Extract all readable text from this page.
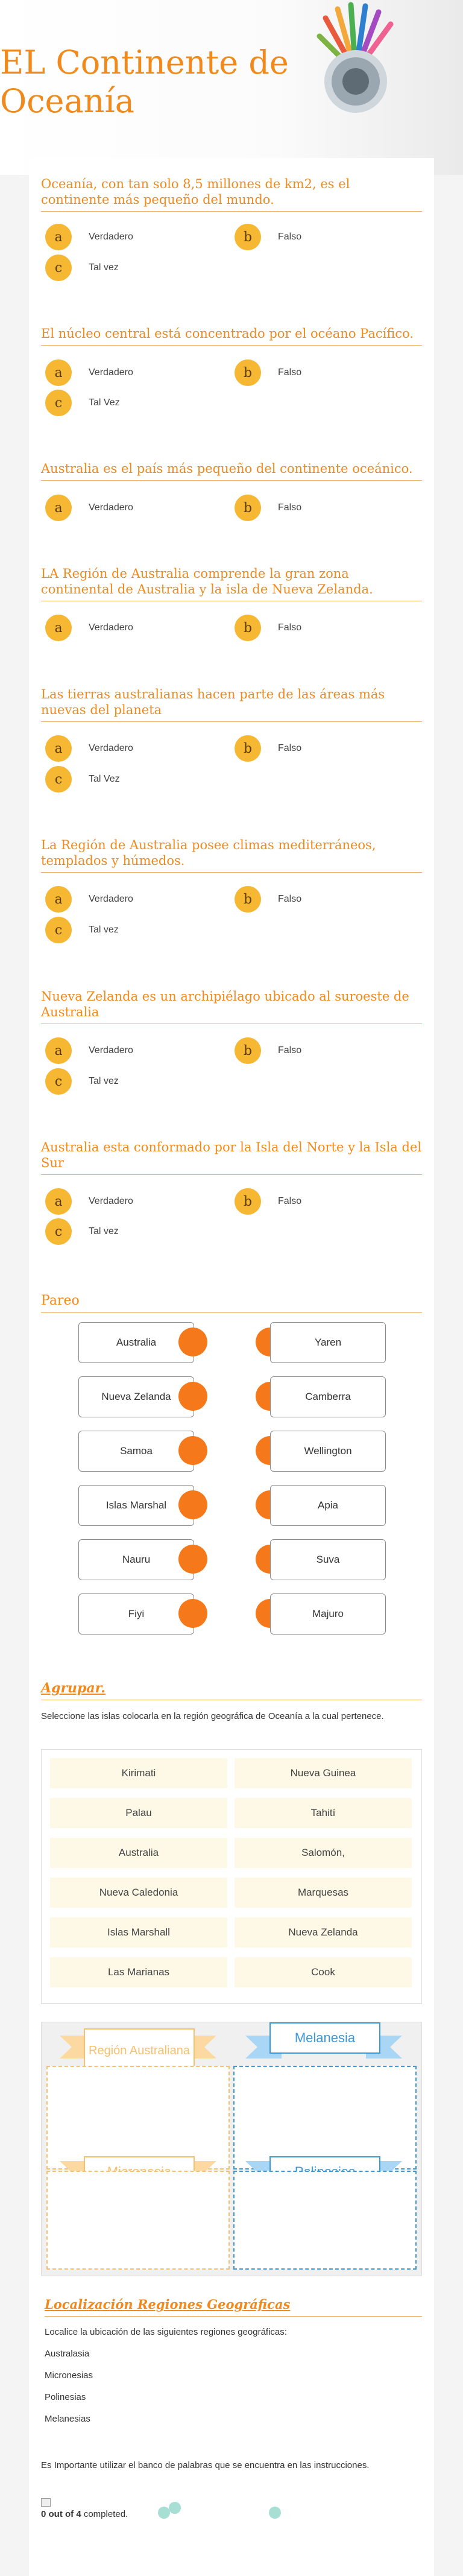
EL Continente de Oceanía

Oceanía, con tan solo 8,5 millones de km2, es el continente más pequeño del mundo.

a	Verdadero	b	Falso
c	Tal vez

El núcleo central está concentrado por el océano Pacífico.

a	Verdadero	b	Falso
c	Tal Vez

Australia es el país más pequeño del continente oceánico.

a	Verdadero	b	Falso

LA Región de Australia comprende la gran zona continental de Australia y la isla de Nueva Zelanda.

a	Verdadero	b	Falso

Las tierras australianas hacen parte de las áreas más nuevas del planeta

a	Verdadero	b	Falso
c	Tal Vez

La Región de Australia posee climas mediterráneos, templados y húmedos.

a	Verdadero	b	Falso
c	Tal vez

Nueva Zelanda es un archipiélago ubicado al suroeste de Australia

a	Verdadero	b	Falso
c	Tal vez

Australia esta conformado por la Isla del Norte y la Isla del Sur

a	Verdadero	b	Falso
c	Tal vez
Pareo
Australia	Yaren
Nueva Zelanda	Camberra
Samoa	Wellington
Islas Marshal	Apia
Nauru	Suva
Fiyi	Majuro
Agrupar.
Seleccione las islas colocarla en la región geográfica de Oceanía a la cual pertenece.
Kirimati	Nueva Guinea
Palau	Tahití
Australia	Salomón,
Nueva Caledonia	Marquesas
Islas Marshall	Nueva Zelanda
Las Marianas	Cook
Región Australiana
Melanesia
Localización Regiones Geográficas
Localice la ubicación de las siguientes regiones geográficas:
Australasia
Micronesias
Polinesias
Melanesias
Es Importante utilizar el banco de palabras que se encuentra en las instrucciones.
0 out of 4 completed.
